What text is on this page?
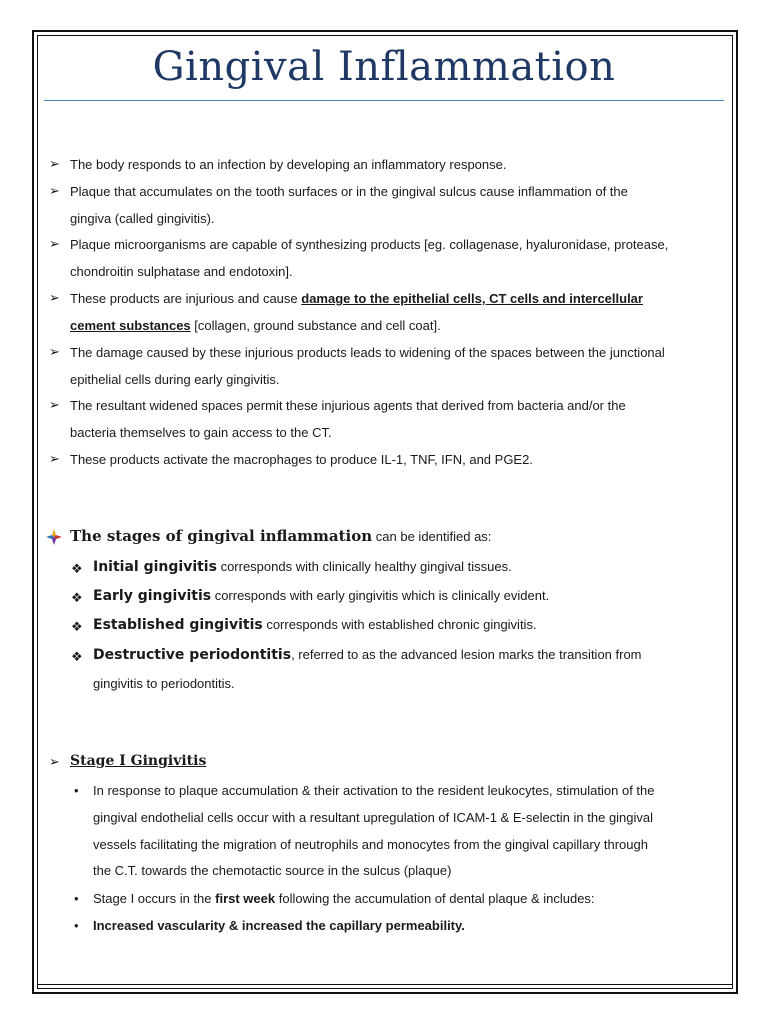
Gingival Inflammation
➢ The body responds to an infection by developing an inflammatory response.
➢ Plaque that accumulates on the tooth surfaces or in the gingival sulcus cause inflammation of the
gingiva (called gingivitis).
➢ Plaque microorganisms are capable of synthesizing products [eg. collagenase, hyaluronidase, protease,
chondroitin sulphatase and endotoxin].
➢ These products are injurious and cause damage to the epithelial cells, CT cells and intercellular
cement substances [collagen, ground substance and cell coat].
➢ The damage caused by these injurious products leads to widening of the spaces between the junctional
epithelial cells during early gingivitis.
➢ The resultant widened spaces permit these injurious agents that derived from bacteria and/or the
bacteria themselves to gain access to the CT.
➢ These products activate the macrophages to produce IL-1, TNF, IFN, and PGE2.
The stages of gingival inflammation can be identified as:
❖ Initial gingivitis corresponds with clinically healthy gingival tissues.
❖ Early gingivitis corresponds with early gingivitis which is clinically evident.
❖ Established gingivitis corresponds with established chronic gingivitis.
❖ Destructive periodontitis, referred to as the advanced lesion marks the transition from
gingivitis to periodontitis.
➢ Stage I Gingivitis
• In response to plaque accumulation & their activation to the resident leukocytes, stimulation of the
gingival endothelial cells occur with a resultant upregulation of ICAM-1 & E-selectin in the gingival
vessels facilitating the migration of neutrophils and monocytes from the gingival capillary through
the C.T. towards the chemotactic source in the sulcus (plaque)
• Stage I occurs in the first week following the accumulation of dental plaque & includes:
• Increased vascularity & increased the capillary permeability.
